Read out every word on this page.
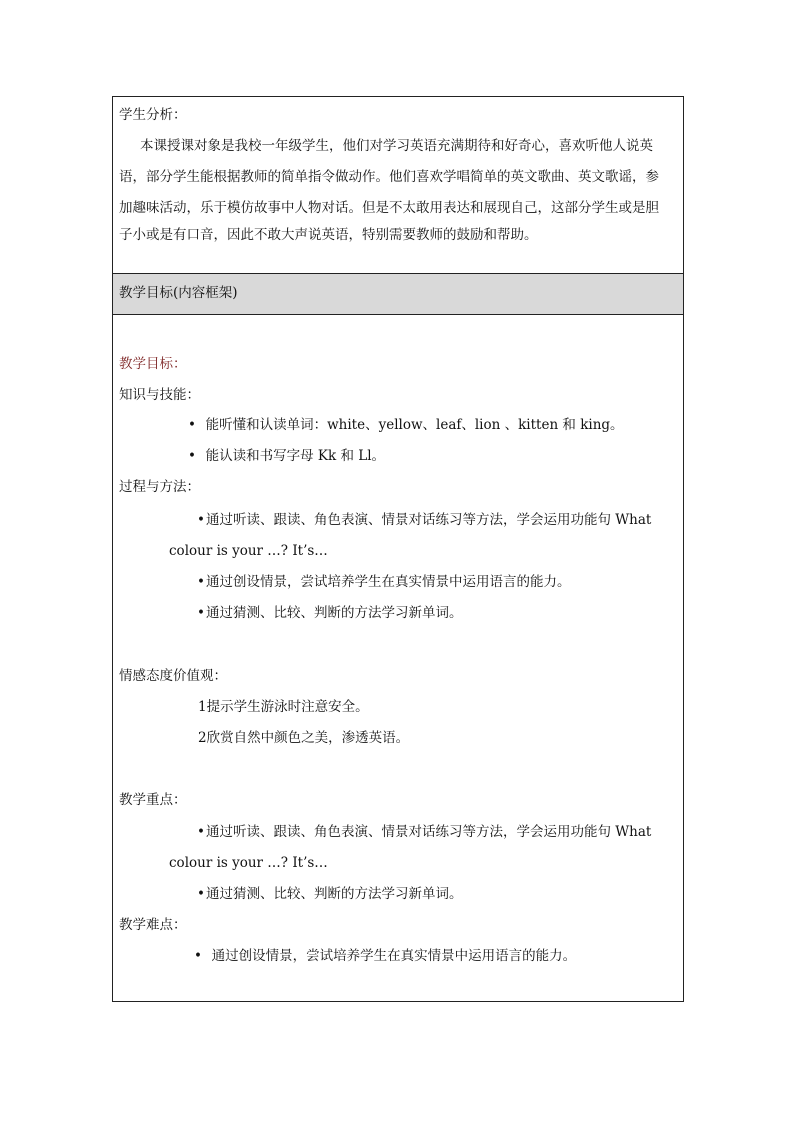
学生分析：
本课授课对象是我校一年级学生，他们对学习英语充满期待和好奇心，喜欢听他人说英
语，部分学生能根据教师的简单指令做动作。他们喜欢学唱简单的英文歌曲、英文歌谣，参
加趣味活动，乐于模仿故事中人物对话。但是不太敢用表达和展现自己，这部分学生或是胆
子小或是有口音，因此不敢大声说英语，特别需要教师的鼓励和帮助。
教学目标(内容框架)
教学目标：
知识与技能：
• 能听懂和认读单词：white、yellow、leaf、lion 、kitten 和 king。
• 能认读和书写字母 Kk 和 Ll。
过程与方法：
•通过听读、跟读、角色表演、情景对话练习等方法，学会运用功能句 What
colour is your …? It’s…
•通过创设情景，尝试培养学生在真实情景中运用语言的能力。
•通过猜测、比较、判断的方法学习新单词。
情感态度价值观：
1提示学生游泳时注意安全。
2欣赏自然中颜色之美，渗透英语。
教学重点：
•通过听读、跟读、角色表演、情景对话练习等方法，学会运用功能句 What
colour is your …? It’s…
•通过猜测、比较、判断的方法学习新单词。
教学难点：
• 通过创设情景，尝试培养学生在真实情景中运用语言的能力。
